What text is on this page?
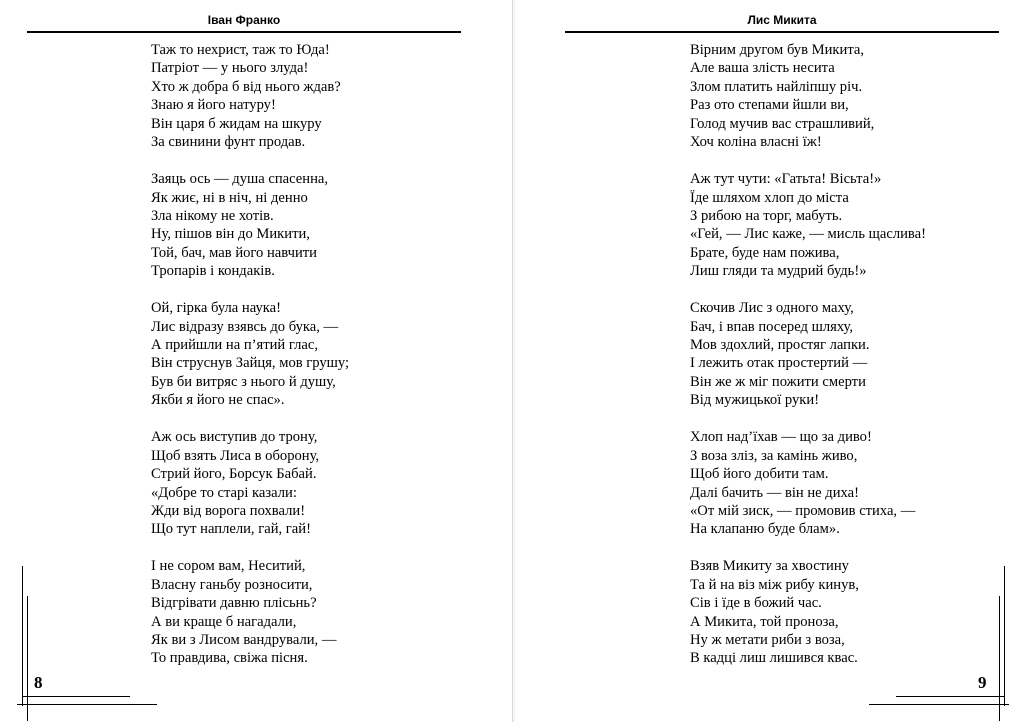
Іван Франко
Таж то нехрист, таж то Юда!
Патріот — у нього злуда!
Хто ж добра б від нього ждав?
Знаю я його натуру!
Він царя б жидам на шкуру
За свинини фунт продав.
Заяць ось — душа спасенна,
Як жиє, ні в ніч, ні денно
Зла нікому не хотів.
Ну, пішов він до Микити,
Той, бач, мав його навчити
Тропарів і кондаків.
Ой, гірка була наука!
Лис відразу взявсь до бука, —
А прийшли на п’ятий глас,
Він струснув Зайця, мов грушу;
Був би витряс з нього й душу,
Якби я його не спас».
Аж ось виступив до трону,
Щоб взять Лиса в оборону,
Стрий його, Борсук Бабай.
«Добре то старі казали:
Жди від ворога похвали!
Що тут наплели, гай, гай!
І не сором вам, Неситий,
Власну ганьбу розносити,
Відгрівати давню плісьнь?
А ви краще б нагадали,
Як ви з Лисом вандрували, —
То правдива, свіжа пісня.
8
Лис Микита
Вірним другом був Микита,
Але ваша злість несита
Злом платить найліпшу річ.
Раз ото степами йшли ви,
Голод мучив вас страшливий,
Хоч коліна власні їж!
Аж тут чути: «Гатьта! Вісьта!»
Їде шляхом хлоп до міста
З рибою на торг, мабуть.
«Гей, — Лис каже, — мисль щаслива!
Брате, буде нам пожива,
Лиш гляди та мудрий будь!»
Скочив Лис з одного маху,
Бач, і впав посеред шляху,
Мов здохлий, простяг лапки.
І лежить отак простертий —
Він же ж міг пожити смерти
Від мужицької руки!
Хлоп над’їхав — що за диво!
З воза зліз, за камінь живо,
Щоб його добити там.
Далі бачить — він не диха!
«От мій зиск, — промовив стиха, —
На клапаню буде блам».
Взяв Микиту за хвостину
Та й на віз між рибу кинув,
Сів і їде в божий час.
А Микита, той проноза,
Ну ж метати риби з воза,
В кадці лиш лишився квас.
9
